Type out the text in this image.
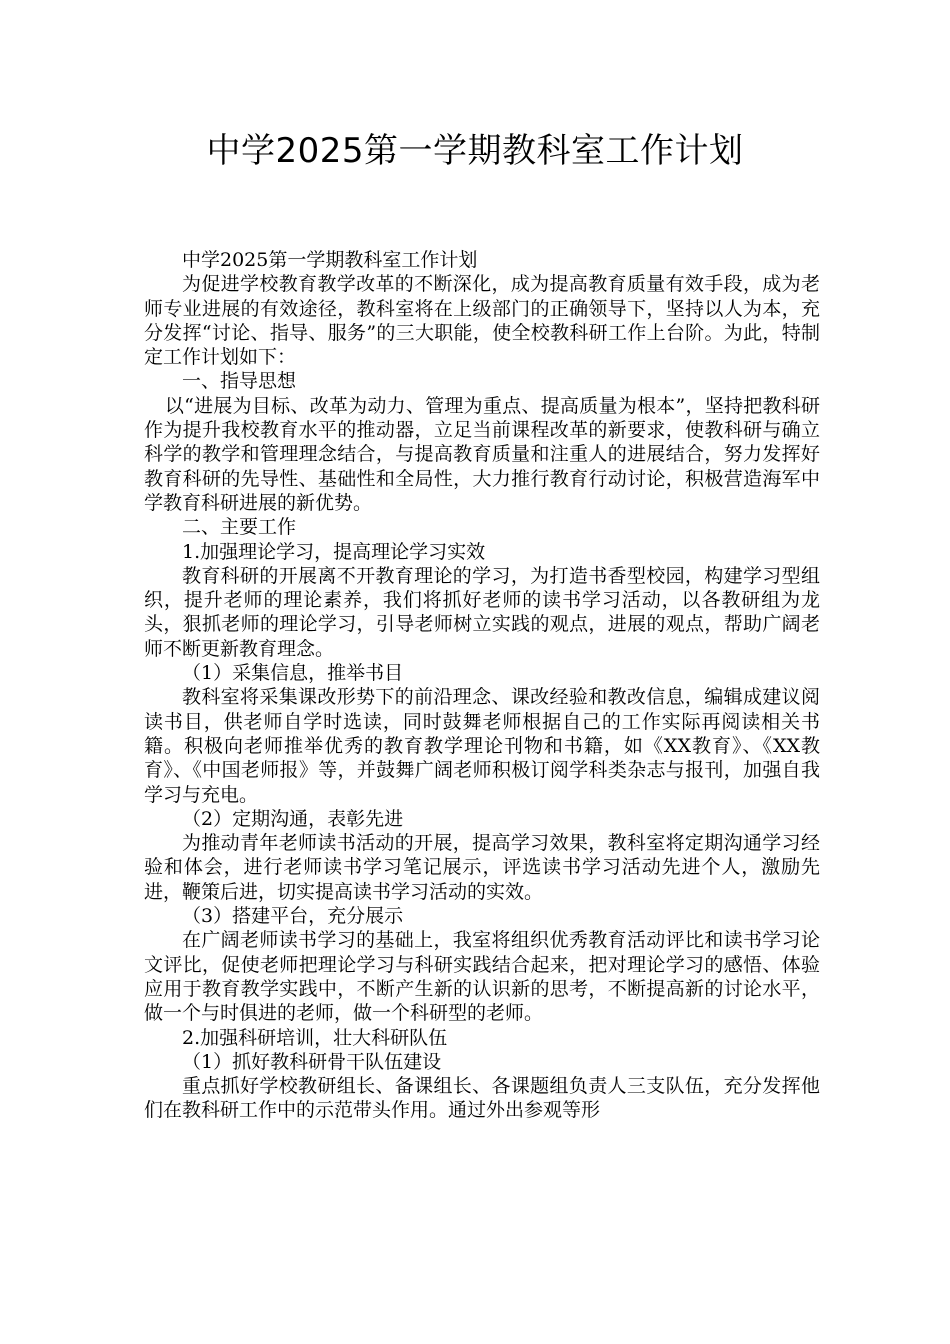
中学2025第一学期教科室工作计划

中学2025第一学期教科室工作计划

为促进学校教育教学改革的不断深化，成为提高教育质量有效手段，成为老师专业进展的有效途径，教科室将在上级部门的正确领导下，坚持以人为本，充分发挥“讨论、指导、服务”的三大职能，使全校教科研工作上台阶。为此，特制定工作计划如下：

一、指导思想

以“进展为目标、改革为动力、管理为重点、提高质量为根本”，坚持把教科研作为提升我校教育水平的推动器，立足当前课程改革的新要求，使教科研与确立科学的教学和管理理念结合，与提高教育质量和注重人的进展结合，努力发挥好教育科研的先导性、基础性和全局性，大力推行教育行动讨论，积极营造海军中学教育科研进展的新优势。

二、主要工作

1.加强理论学习，提高理论学习实效

教育科研的开展离不开教育理论的学习，为打造书香型校园，构建学习型组织，提升老师的理论素养，我们将抓好老师的读书学习活动，以各教研组为龙头，狠抓老师的理论学习，引导老师树立实践的观点，进展的观点，帮助广阔老师不断更新教育理念。

（1）采集信息，推举书目

教科室将采集课改形势下的前沿理念、课改经验和教改信息，编辑成建议阅读书目，供老师自学时选读，同时鼓舞老师根据自己的工作实际再阅读相关书籍。积极向老师推举优秀的教育教学理论刊物和书籍，如《XX教育》、《XX教育》、《中国老师报》等，并鼓舞广阔老师积极订阅学科类杂志与报刊，加强自我学习与充电。

（2）定期沟通，表彰先进

为推动青年老师读书活动的开展，提高学习效果，教科室将定期沟通学习经验和体会，进行老师读书学习笔记展示，评选读书学习活动先进个人，激励先进，鞭策后进，切实提高读书学习活动的实效。

（3）搭建平台，充分展示

在广阔老师读书学习的基础上，我室将组织优秀教育活动评比和读书学习论文评比，促使老师把理论学习与科研实践结合起来，把对理论学习的感悟、体验应用于教育教学实践中，不断产生新的认识新的思考，不断提高新的讨论水平，做一个与时俱进的老师，做一个科研型的老师。

2.加强科研培训，壮大科研队伍

（1）抓好教科研骨干队伍建设

重点抓好学校教研组长、备课组长、各课题组负责人三支队伍，充分发挥他们在教科研工作中的示范带头作用。通过外出参观等形
